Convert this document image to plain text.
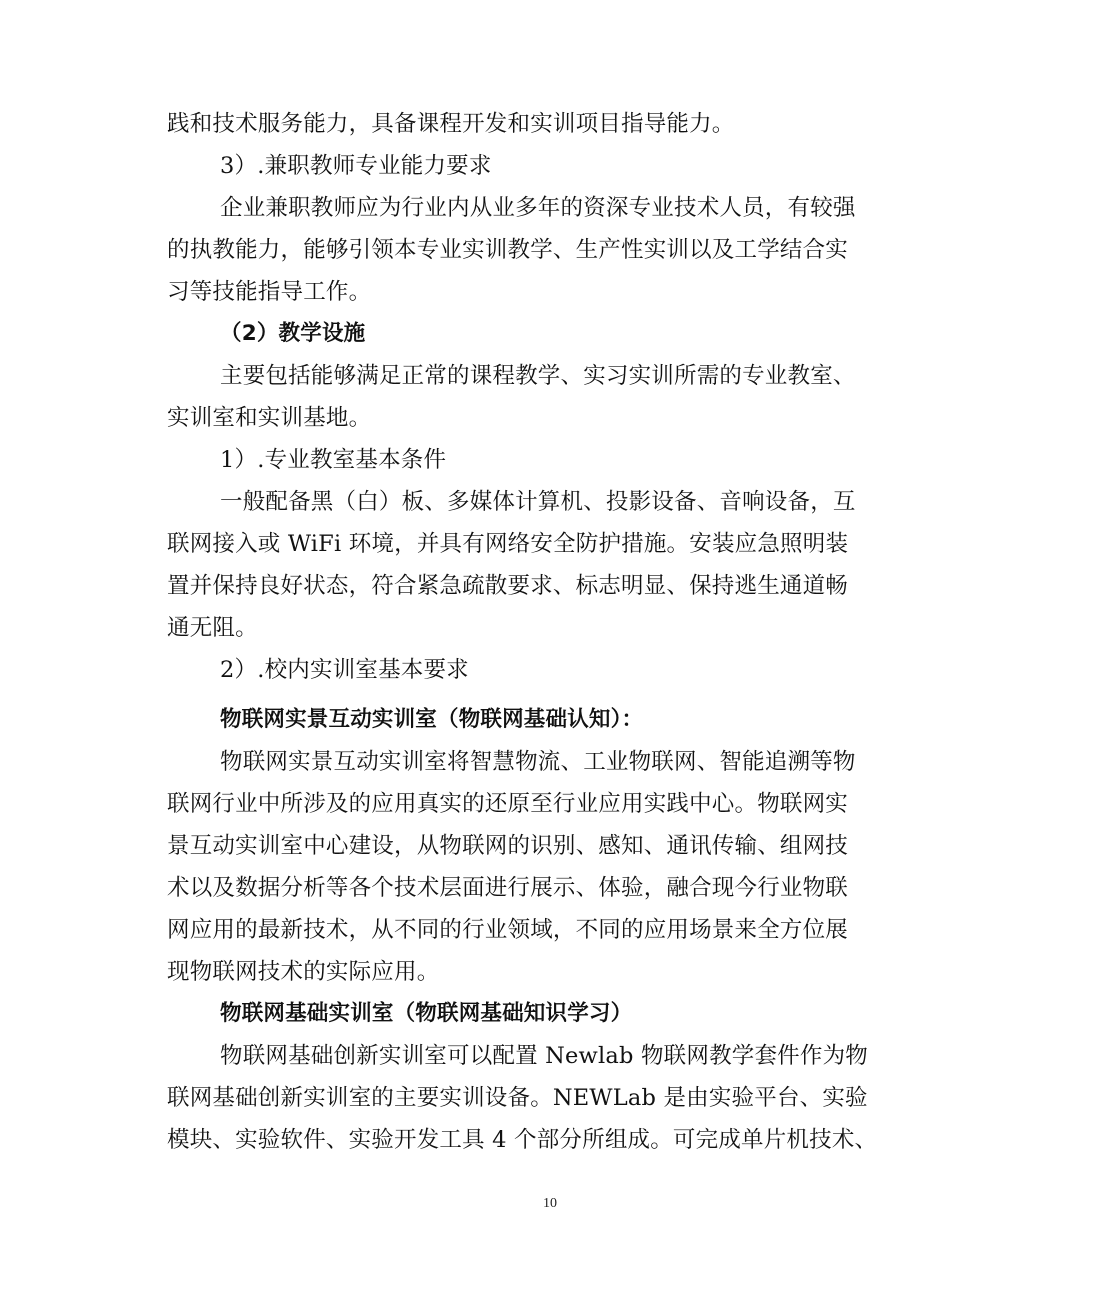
践和技术服务能力，具备课程开发和实训项目指导能力。
3）.兼职教师专业能力要求
企业兼职教师应为行业内从业多年的资深专业技术人员，有较强
的执教能力，能够引领本专业实训教学、生产性实训以及工学结合实
习等技能指导工作。
（2）教学设施
主要包括能够满足正常的课程教学、实习实训所需的专业教室、
实训室和实训基地。
1）.专业教室基本条件
一般配备黑（白）板、多媒体计算机、投影设备、音响设备，互
联网接入或 WiFi 环境，并具有网络安全防护措施。安装应急照明装
置并保持良好状态，符合紧急疏散要求、标志明显、保持逃生通道畅
通无阻。
2）.校内实训室基本要求
物联网实景互动实训室（物联网基础认知）：
物联网实景互动实训室将智慧物流、工业物联网、智能追溯等物
联网行业中所涉及的应用真实的还原至行业应用实践中心。物联网实
景互动实训室中心建设，从物联网的识别、感知、通讯传输、组网技
术以及数据分析等各个技术层面进行展示、体验，融合现今行业物联
网应用的最新技术，从不同的行业领域，不同的应用场景来全方位展
现物联网技术的实际应用。
物联网基础实训室（物联网基础知识学习）
物联网基础创新实训室可以配置 Newlab 物联网教学套件作为物
联网基础创新实训室的主要实训设备。NEWLab 是由实验平台、实验
模块、实验软件、实验开发工具 4 个部分所组成。可完成单片机技术、
10
